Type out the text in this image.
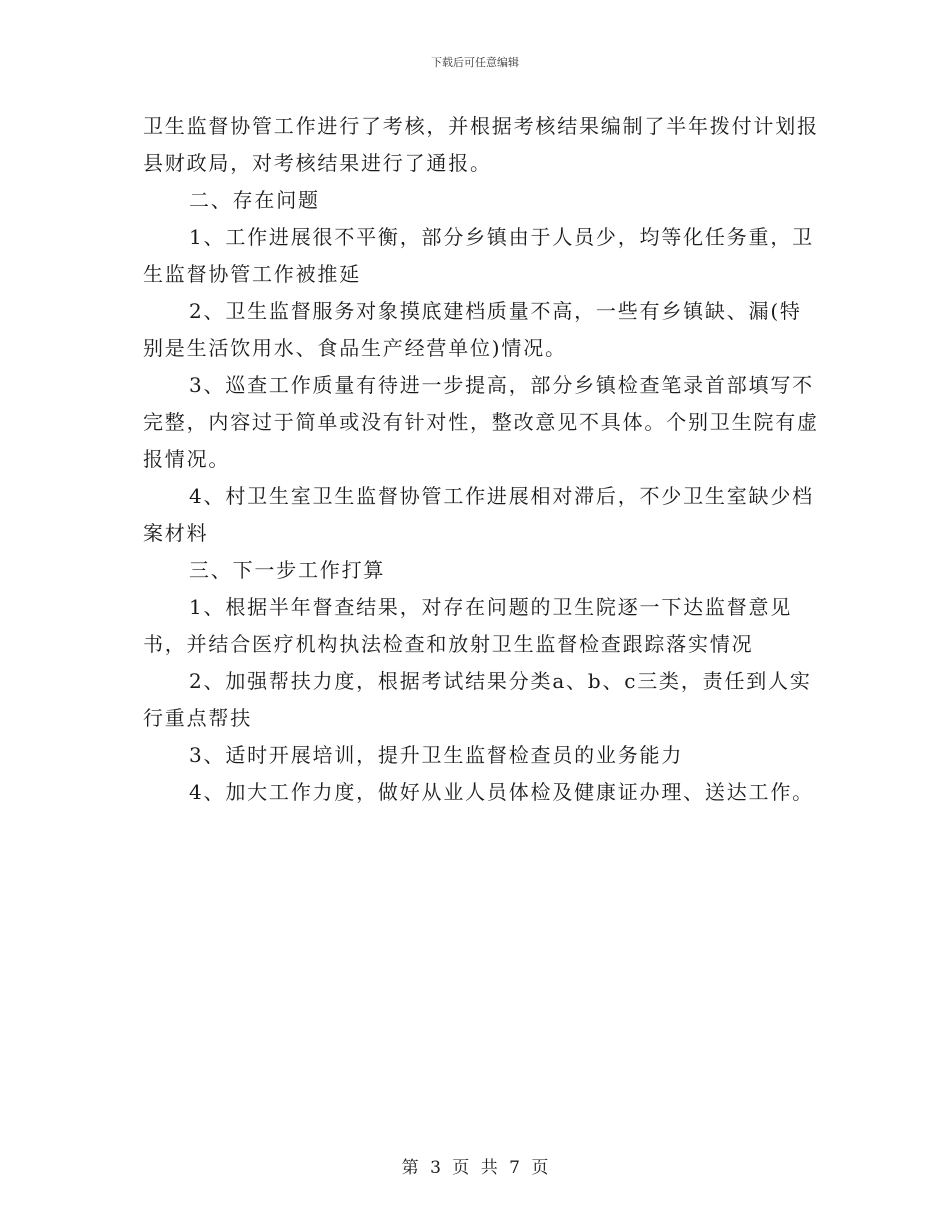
下载后可任意编辑

卫生监督协管工作进行了考核，并根据考核结果编制了半年拨付计划报县财政局，对考核结果进行了通报。

二、存在问题

1、工作进展很不平衡，部分乡镇由于人员少，均等化任务重，卫生监督协管工作被推延

2、卫生监督服务对象摸底建档质量不高，一些有乡镇缺、漏(特别是生活饮用水、食品生产经营单位)情况。

3、巡查工作质量有待进一步提高，部分乡镇检查笔录首部填写不完整，内容过于简单或没有针对性，整改意见不具体。个别卫生院有虚报情况。

4、村卫生室卫生监督协管工作进展相对滞后，不少卫生室缺少档案材料

三、下一步工作打算

1、根据半年督查结果，对存在问题的卫生院逐一下达监督意见书，并结合医疗机构执法检查和放射卫生监督检查跟踪落实情况

2、加强帮扶力度，根据考试结果分类a、b、c三类，责任到人实行重点帮扶

3、适时开展培训，提升卫生监督检查员的业务能力

4、加大工作力度，做好从业人员体检及健康证办理、送达工作。

第 3 页 共 7 页
